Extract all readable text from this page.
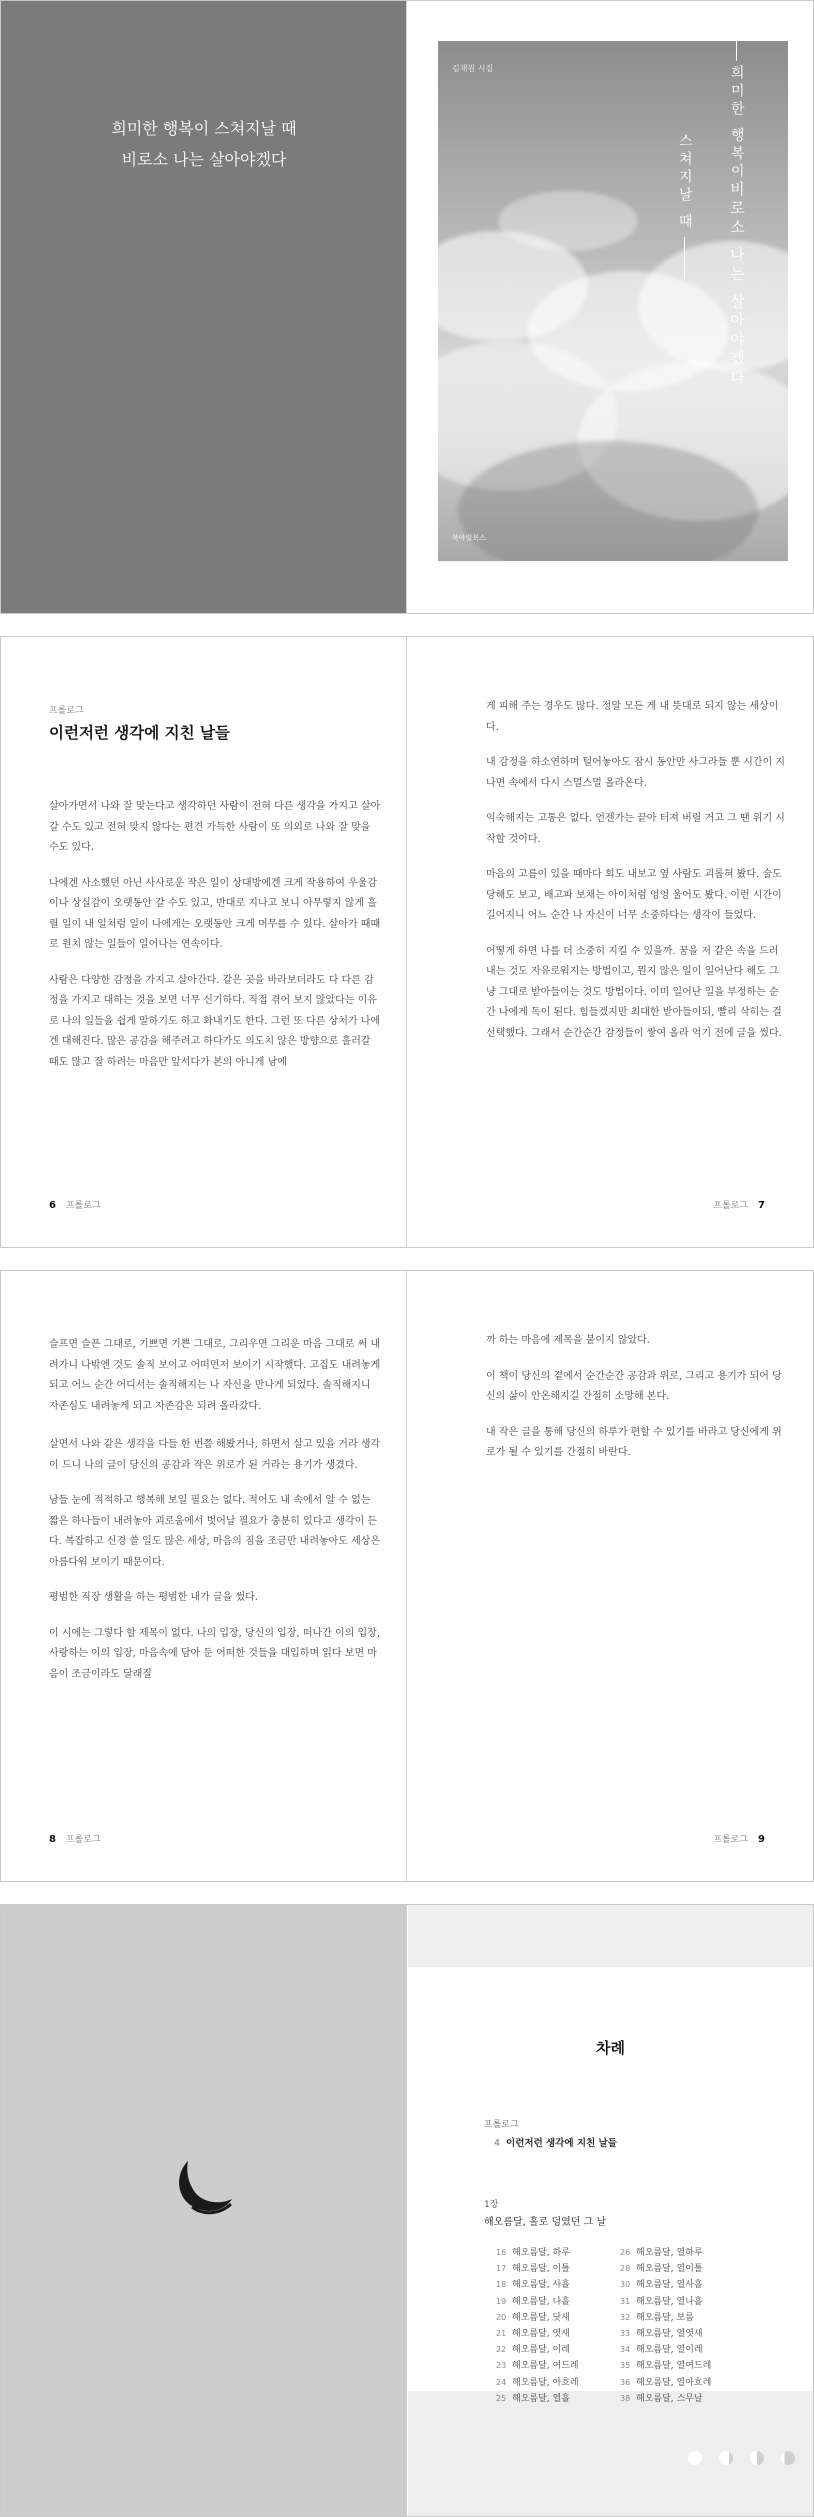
희미한 행복이 스쳐지날 때
비로소 나는 살아야겠다
김재원 시집	희미한 행복이
스쳐지날 때 비로소 나는 살아야겠다
북아일북스
프롤로그
이런저런 생각에 지친 날들

살아가면서 나와 잘 맞는다고 생각하던 사람이 전혀 다른 생각을 가지고 살아갈 수도 있고 전혀 맞지 않다는 편견 가득한 사람이 또 의외로 나와 잘 맞을 수도 있다.

나에겐 사소했던 아닌 사사로운 작은 일이 상대방에겐 크게 작용하여 우울감이나 상실감이 오랫동안 갈 수도 있고, 반대로 지나고 보니 아무렇지 않게 흘릴 일이 내 일처럼 일이 나에게는 오랫동안 크게 머무를 수 있다. 살아가 때때로 원치 않는 일들이 일어나는 연속이다.

사람은 다양한 감정을 가지고 살아간다. 같은 곳을 바라보더라도 다 다른 감정을 가지고 대하는 것을 보면 너무 신기하다. 직접 겪어 보지 않았다는 이유로 나의 일들을 쉽게 말하기도 하고 화내기도 한다. 그런 또 다른 상처가 나에겐 대해진다. 많은 공감을 해주려고 하다가도 의도치 않은 방향으로 흘러갈 때도 많고 잘 하려는 마음만 앞서다가 본의 아니게 남에

6 프롤로그

게 피해 주는 경우도 많다. 정말 모든 게 내 뜻대로 되지 않는 세상이다.

내 감정을 하소연하며 털어놓아도 잠시 동안만 사그라들 뿐 시간이 지나면 속에서 다시 스멀스멀 올라온다.

익숙해지는 고통은 없다. 언젠가는 끝아 터져 버릴 거고 그 땐 위기 시작할 것이다.

마음의 고름이 있을 때마다 회도 내보고 옆 사람도 괴롭혀 봤다. 술도 당해도 보고, 배고파 보채는 아이처럼 엉엉 울어도 봤다. 이런 시간이 길어지니 어느 순간 나 자신이 너무 소중하다는 생각이 들었다.

어떻게 하면 나를 더 소중히 지킬 수 있을까. 꿈을 저 같은 속을 드러내는 것도 자유로워지는 방법이고, 뭔지 않은 일이 일어난다 해도 그냥 그대로 받아들이는 것도 방법이다. 이미 일어난 일을 부정하는 순간 나에게 독이 된다. 힘들겠지만 최대한 받아들이되, 빨리 삭히는 걸 선택했다. 그래서 순간순간 감정들이 쌓여 올라 억기 전에 글을 썼다.

프롤로그 7

슬프면 슬픈 그대로, 기쁘면 기쁜 그대로, 그리우면 그리운 마음 그대로 써 내려가니 나밖엔 것도 솔직 보이고 어떠먼저 보이기 시작했다. 고집도 내려놓게 되고 어느 순간 어디서는 솔직해지는 나 자신을 만나게 되었다. 솔직해지니 자존심도 내려놓게 되고 자존감은 되려 올라갔다.

살면서 나와 같은 생각을 다들 한 번쯤 해봤거나, 하면서 살고 있을 거라 생각이 드니 나의 글이 당신의 공감과 작은 위로가 된 거라는 용기가 생겼다.

남들 눈에 적적하고 행복해 보일 필요는 없다. 적어도 내 속에서 알 수 없는 짧은 하나들이 내려놓아 괴로움에서 벗어날 필요가 충분히 있다고 생각이 든다. 복잡하고 신경 쓸 일도 많은 세상, 마음의 짐을 조금만 내려놓아도 세상은 아름다워 보이기 때문이다.

평범한 직장 생활을 하는 평범한 내가 글을 썼다.

이 시에는 그렇다 할 제목이 없다. 나의 입장, 당신의 입장, 떠나간 이의 입장, 사랑하는 이의 입장, 마음속에 담아 둔 어떠한 것들을 대입하며 읽다 보면 마음이 조금이라도 달래질

8 프롤로그

까 하는 마음에 제목을 붙이지 않았다.

이 책이 당신의 곁에서 순간순간 공감과 위로, 그리고 용기가 되어 당신의 삶이 안온해지길 간절히 소망해 본다.

내 작은 글을 통해 당신의 하루가 편할 수 있기를 바라고 당신에게 위로가 될 수 있기를 간절히 바란다.

프롤로그 9
차례
프롤로그
4 이런저런 생각에 지친 날들
1장
해오름달, 홀로 덩였던 그 날
16 해오름달, 하루
17 해오름달, 이틀
18 해오름달, 사흘
19 해오름달, 나흘
20 해오름달, 닷새
21 해오름달, 엿새
22 해오름달, 이레
23 해오름달, 여드레
24 해오름달, 아흐레
25 해오름달, 열흘
26 해오름달, 열하루
28 해오름달, 열이틀
30 해오름달, 열사흘
31 해오름달, 열나흘
32 해오름달, 보름
33 해오름달, 열엿새
34 해오름달, 열이레
35 해오름달, 열여드레
36 해오름달, 열아흐레
38 해오름달, 스무날
